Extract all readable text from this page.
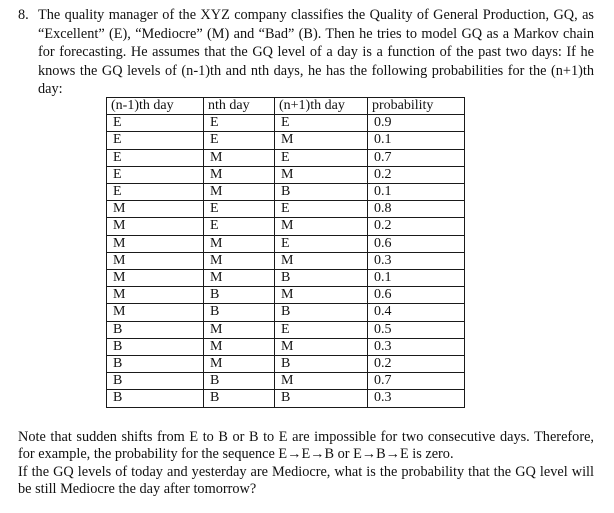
8. The quality manager of the XYZ company classifies the Quality of General Production, GQ, as “Excellent” (E), “Mediocre” (M) and “Bad” (B). Then he tries to model GQ as a Markov chain for forecasting. He assumes that the GQ level of a day is a function of the past two days: If he knows the GQ levels of (n-1)th and nth days, he has the following probabilities for the (n+1)th day:

(n-1)th day	nth day	(n+1)th day	probability
E	E	E	0.9
E	E	M	0.1
E	M	E	0.7
E	M	M	0.2
E	M	B	0.1
M	E	E	0.8
M	E	M	0.2
M	M	E	0.6
M	M	M	0.3
M	M	B	0.1
M	B	M	0.6
M	B	B	0.4
B	M	E	0.5
B	M	M	0.3
B	M	B	0.2
B	B	M	0.7
B	B	B	0.3

Note that sudden shifts from E to B or B to E are impossible for two consecutive days. Therefore, for example, the probability for the sequence E→E→B or E→B→E is zero.

If the GQ levels of today and yesterday are Mediocre, what is the probability that the GQ level will be still Mediocre the day after tomorrow?
